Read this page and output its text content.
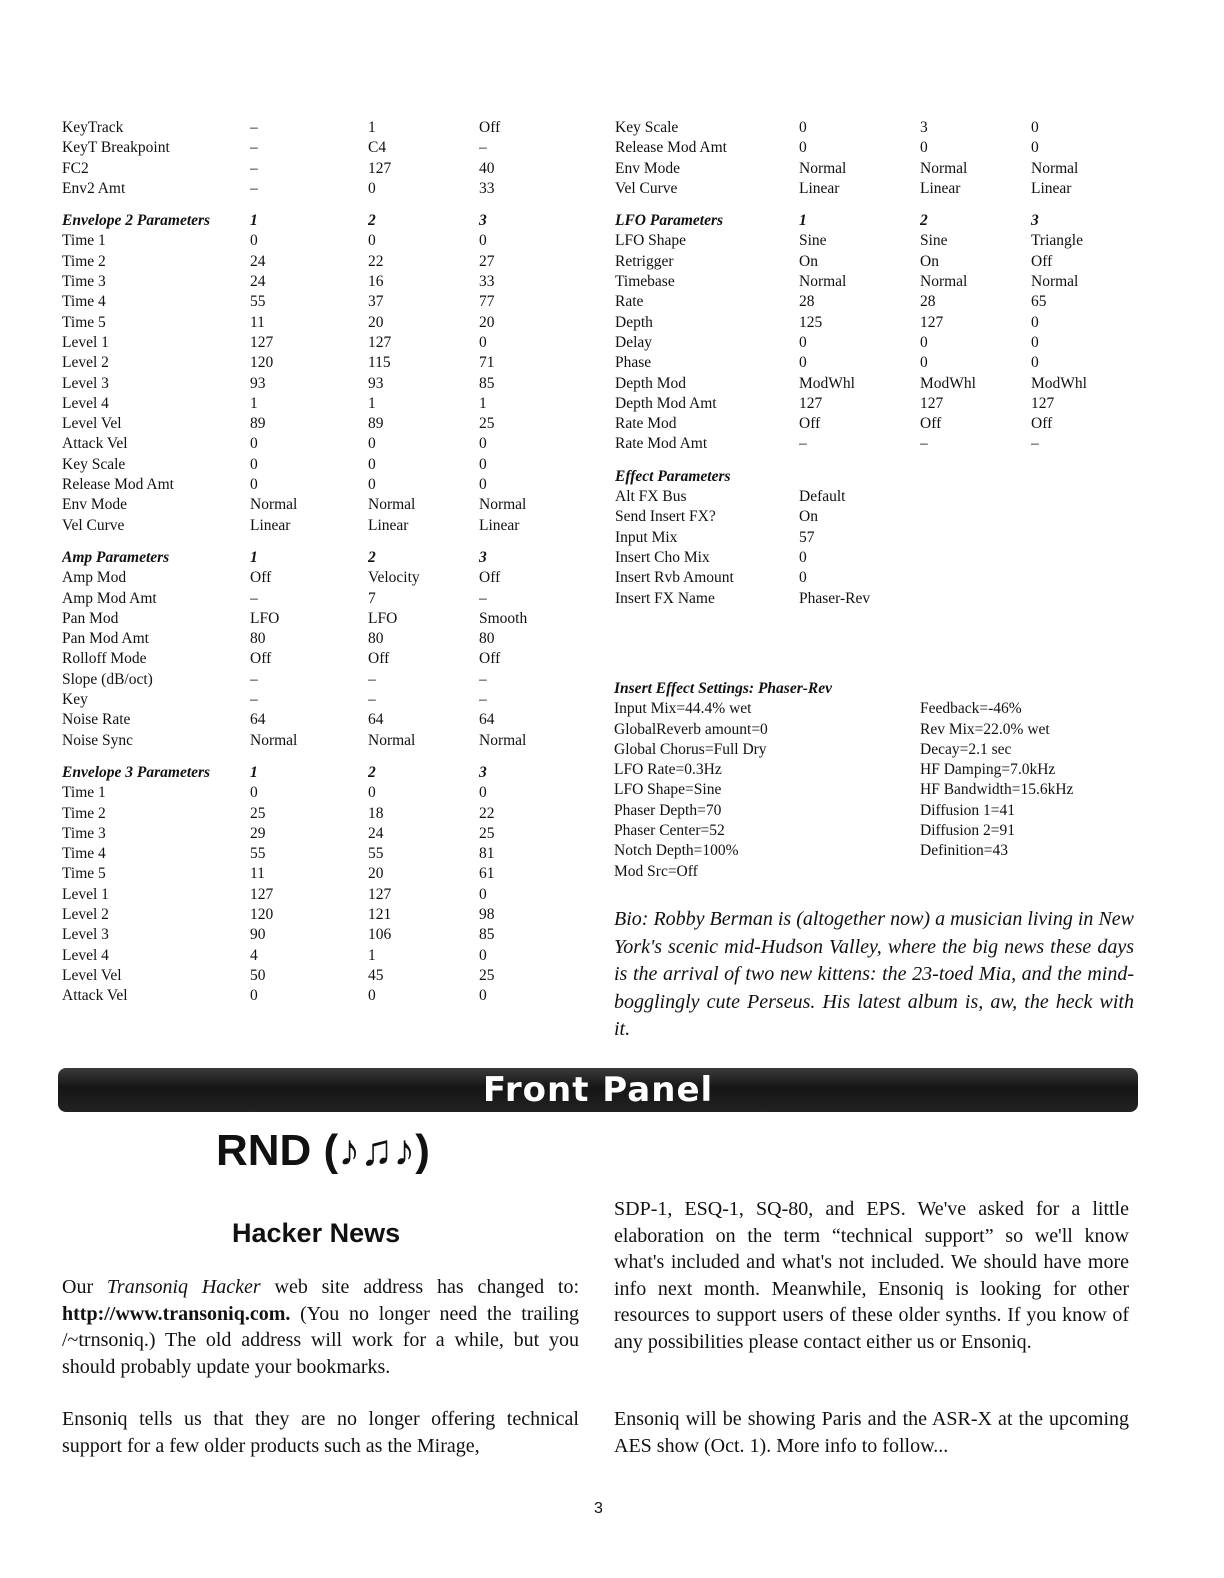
KeyTrack	–	1	Off
KeyT Breakpoint	–	C4	–
FC2	–	127	40
Env2 Amt	–	0	33
Envelope 2 Parameters	1	2	3
Time 1	0	0	0
Time 2	24	22	27
Time 3	24	16	33
Time 4	55	37	77
Time 5	11	20	20
Level 1	127	127	0
Level 2	120	115	71
Level 3	93	93	85
Level 4	1	1	1
Level Vel	89	89	25
Attack Vel	0	0	0
Key Scale	0	0	0
Release Mod Amt	0	0	0
Env Mode	Normal	Normal	Normal
Vel Curve	Linear	Linear	Linear
Amp Parameters	1	2	3
Amp Mod	Off	Velocity	Off
Amp Mod Amt	–	7	–
Pan Mod	LFO	LFO	Smooth
Pan Mod Amt	80	80	80
Rolloff Mode	Off	Off	Off
Slope (dB/oct)	–	–	–
Key	–	–	–
Noise Rate	64	64	64
Noise Sync	Normal	Normal	Normal
Envelope 3 Parameters	1	2	3
Time 1	0	0	0
Time 2	25	18	22
Time 3	29	24	25
Time 4	55	55	81
Time 5	11	20	61
Level 1	127	127	0
Level 2	120	121	98
Level 3	90	106	85
Level 4	4	1	0
Level Vel	50	45	25
Attack Vel	0	0	0
Key Scale	0	3	0
Release Mod Amt	0	0	0
Env Mode	Normal	Normal	Normal
Vel Curve	Linear	Linear	Linear
LFO Parameters	1	2	3
LFO Shape	Sine	Sine	Triangle
Retrigger	On	On	Off
Timebase	Normal	Normal	Normal
Rate	28	28	65
Depth	125	127	0
Delay	0	0	0
Phase	0	0	0
Depth Mod	ModWhl	ModWhl	ModWhl
Depth Mod Amt	127	127	127
Rate Mod	Off	Off	Off
Rate Mod Amt	–	–	–
Effect Parameters
Alt FX Bus	Default
Send Insert FX?	On
Input Mix	57
Insert Cho Mix	0
Insert Rvb Amount	0
Insert FX Name	Phaser-Rev
Insert Effect Settings: Phaser-Rev
Input Mix=44.4% wet
GlobalReverb amount=0
Global Chorus=Full Dry
LFO Rate=0.3Hz
LFO Shape=Sine
Phaser Depth=70
Phaser Center=52
Notch Depth=100%
Mod Src=Off
Feedback=-46%
Rev Mix=22.0% wet
Decay=2.1 sec
HF Damping=7.0kHz
HF Bandwidth=15.6kHz
Diffusion 1=41
Diffusion 2=91
Definition=43
Bio: Robby Berman is (altogether now) a musician living in New York's scenic mid-Hudson Valley, where the big news these days is the arrival of two new kittens: the 23-toed Mia, and the mind-bogglingly cute Perseus. His latest album is, aw, the heck with it.
Front Panel
RND (♪♫♪)
Hacker News
Our Transoniq Hacker web site address has changed to: http://www.transoniq.com. (You no longer need the trailing /~trnsoniq.) The old address will work for a while, but you should probably update your bookmarks.
Ensoniq tells us that they are no longer offering technical support for a few older products such as the Mirage,
SDP-1, ESQ-1, SQ-80, and EPS. We've asked for a little elaboration on the term “technical support” so we'll know what's included and what's not included. We should have more info next month. Meanwhile, Ensoniq is looking for other resources to support users of these older synths. If you know of any possibilities please contact either us or Ensoniq.
Ensoniq will be showing Paris and the ASR-X at the upcoming AES show (Oct. 1). More info to follow...
3
